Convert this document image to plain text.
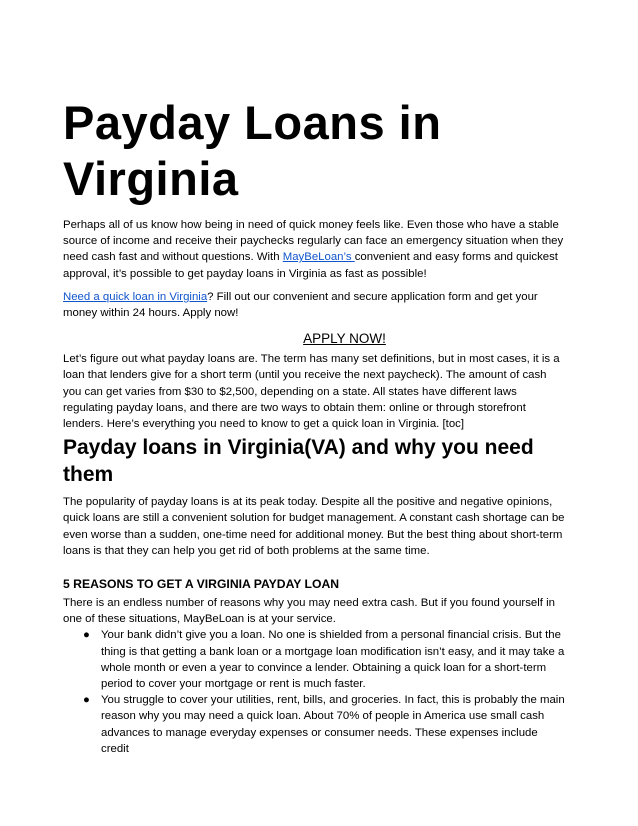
Payday Loans in
Virginia

Perhaps all of us know how being in need of quick money feels like. Even those who have a stable source of income and receive their paychecks regularly can face an emergency situation when they need cash fast and without questions. With MayBeLoan’s convenient and easy forms and quickest approval, it’s possible to get payday loans in Virginia as fast as possible!

Need a quick loan in Virginia? Fill out our convenient and secure application form and get your money within 24 hours. Apply now!

APPLY NOW!

Let’s figure out what payday loans are. The term has many set definitions, but in most cases, it is a loan that lenders give for a short term (until you receive the next paycheck). The amount of cash you can get varies from $30 to $2,500, depending on a state. All states have different laws regulating payday loans, and there are two ways to obtain them: online or through storefront lenders. Here’s everything you need to know to get a quick loan in Virginia. [toc]

Payday loans in Virginia(VA) and why you need them

The popularity of payday loans is at its peak today. Despite all the positive and negative opinions, quick loans are still a convenient solution for budget management. A constant cash shortage can be even worse than a sudden, one-time need for additional money. But the best thing about short-term loans is that they can help you get rid of both problems at the same time.

5 REASONS TO GET A VIRGINIA PAYDAY LOAN

There is an endless number of reasons why you may need extra cash. But if you found yourself in one of these situations, MayBeLoan is at your service.

● Your bank didn’t give you a loan. No one is shielded from a personal financial crisis. But the thing is that getting a bank loan or a mortgage loan modification isn’t easy, and it may take a whole month or even a year to convince a lender. Obtaining a quick loan for a short-term period to cover your mortgage or rent is much faster.
● You struggle to cover your utilities, rent, bills, and groceries. In fact, this is probably the main reason why you may need a quick loan. About 70% of people in America use small cash advances to manage everyday expenses or consumer needs. These expenses include credit
